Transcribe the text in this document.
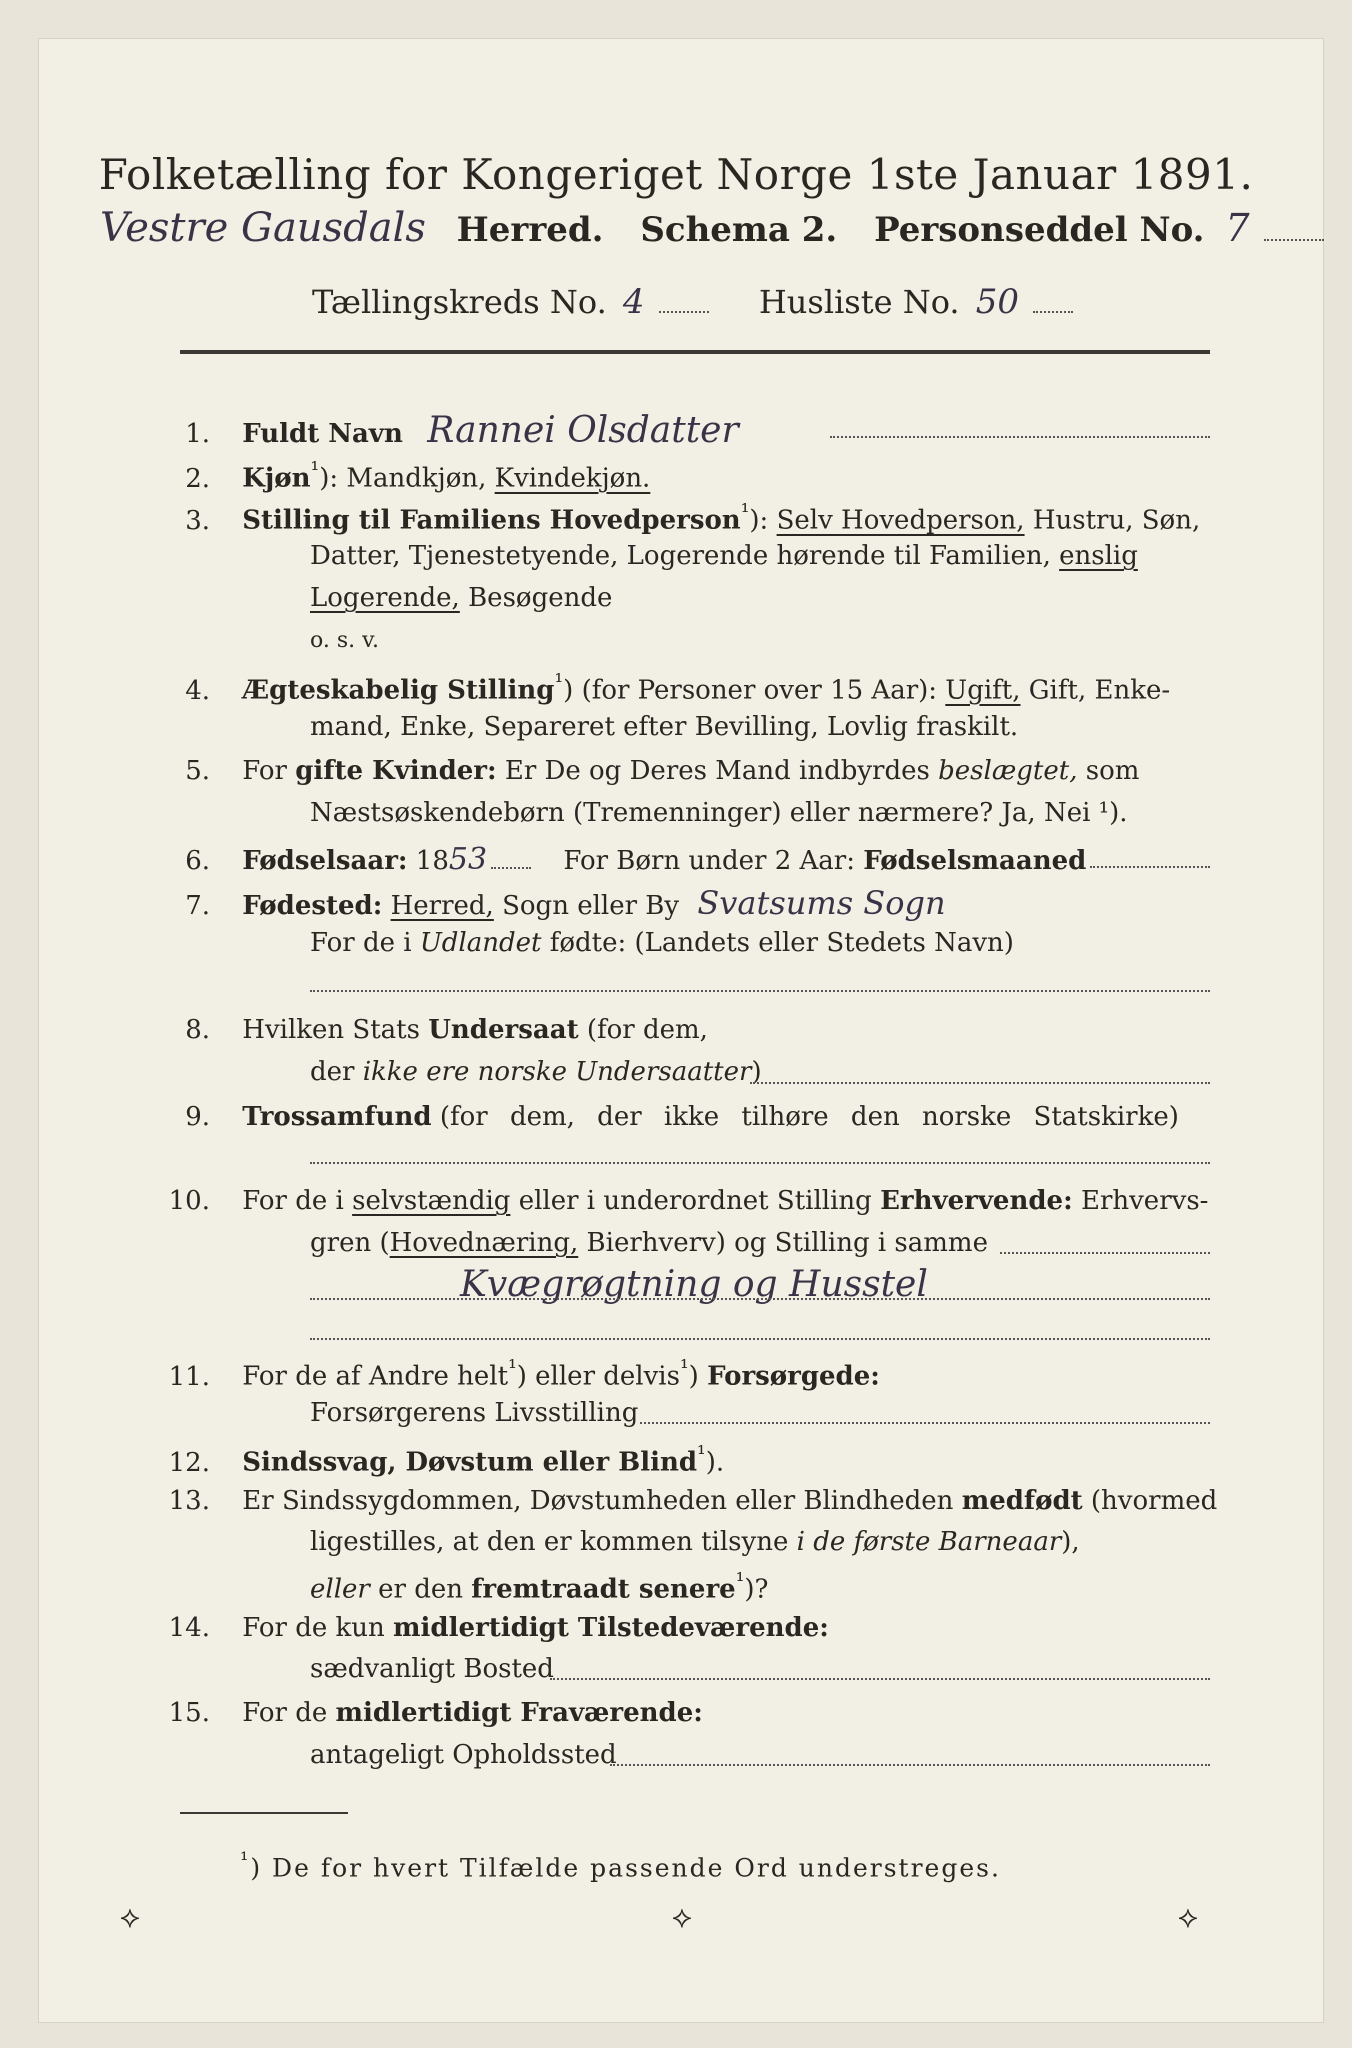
Folketælling for Kongeriget Norge 1ste Januar 1891.
Vestre Gausdals Herred. Schema 2. Personseddel No. 7
Tællingskreds No. 4	Husliste No. 50
1. Fuldt Navn Rannei Olsdatter
2. Kjøn$^{^1}$): Mandkjøn, Kvindekjøn.
3. Stilling til Familiens Hovedperson$^{^1}$): Selv Hovedperson, Hustru, Søn,
Datter, Tjenestetyende, Logerende hørende til Familien, enslig
Logerende, Besøgende
o. s. v.
4. Ægteskabelig Stilling$^{^1}$) (for Personer over 15 Aar): Ugift, Gift, Enke-
mand, Enke, Separeret efter Bevilling, Lovlig fraskilt.
5. For gifte Kvinder: Er De og Deres Mand indbyrdes beslægtet, som
Næstsøskendebørn (Tremenninger) eller nærmere? Ja, Nei ¹).
6. Fødselsaar: 1853	For Børn under 2 Aar: Fødselsmaaned
7. Fødested: Herred, Sogn eller By Svatsums Sogn
For de i Udlandet fødte: (Landets eller Stedets Navn)
8. Hvilken Stats Undersaat (for dem,
der ikke ere norske Undersaatter)
9. Trossamfund (for dem, der ikke tilhøre den norske Statskirke)
10. For de i selvstændig eller i underordnet Stilling Erhvervende: Erhvervs-
gren (Hovednæring, Bierhverv) og Stilling i samme
Kvægrøgtning og Husstel
11. For de af Andre helt$^{^1}$) eller delvis$^{^1}$) Forsørgede:
Forsørgerens Livsstilling
12. Sindssvag, Døvstum eller Blind$^{^1}$).
13. Er Sindssygdommen, Døvstumheden eller Blindheden medfødt (hvormed
ligestilles, at den er kommen tilsyne i de første Barneaar),
eller er den fremtraadt senere$^{^1}$)?
14. For de kun midlertidigt Tilstedeværende:
sædvanligt Bosted
15. For de midlertidigt Fraværende:
antageligt Opholdssted
$^{^1}$) De for hvert Tilfælde passende Ord understreges.
⟡	⟡	⟡
